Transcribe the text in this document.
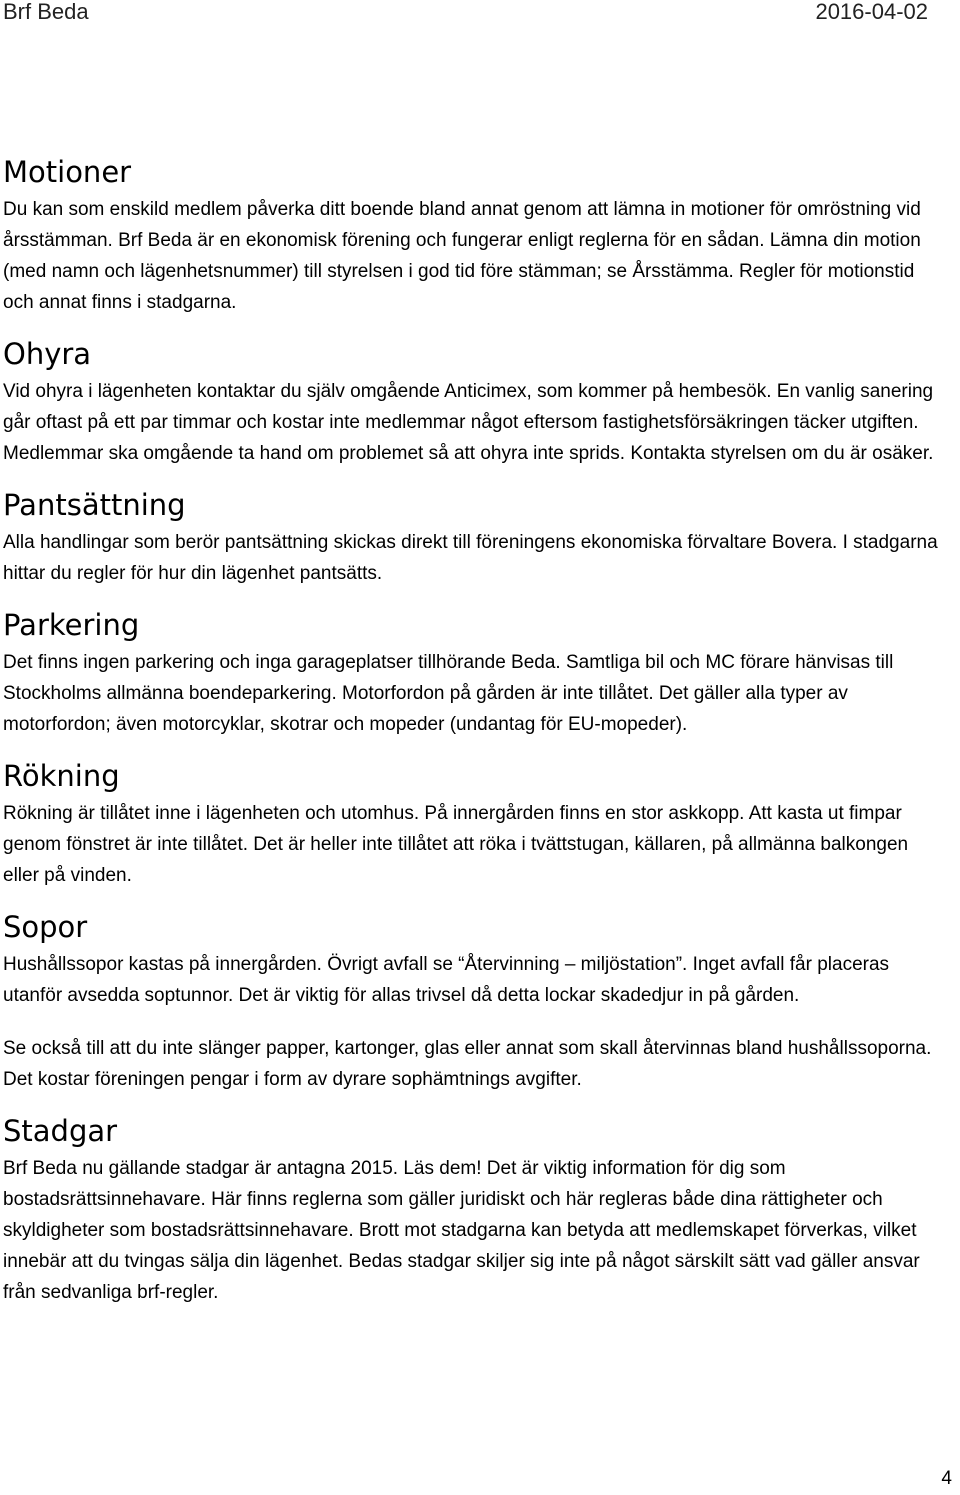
Brf Beda	2016-04-02
Motioner

Du kan som enskild medlem påverka ditt boende bland annat genom att lämna in motioner för omröstning vid årsstämman. Brf Beda är en ekonomisk förening och fungerar enligt reglerna för en sådan. Lämna din motion (med namn och lägenhetsnummer) till styrelsen i god tid före stämman; se Årsstämma. Regler för motionstid och annat finns i stadgarna.

Ohyra

Vid ohyra i lägenheten kontaktar du själv omgående Anticimex, som kommer på hembesök. En vanlig sanering går oftast på ett par timmar och kostar inte medlemmar något eftersom fastighetsförsäkringen täcker utgiften. Medlemmar ska omgående ta hand om problemet så att ohyra inte sprids. Kontakta styrelsen om du är osäker.

Pantsättning

Alla handlingar som berör pantsättning skickas direkt till föreningens ekonomiska förvaltare Bovera. I stadgarna hittar du regler för hur din lägenhet pantsätts.

Parkering

Det finns ingen parkering och inga garageplatser tillhörande Beda. Samtliga bil och MC förare hänvisas till Stockholms allmänna boendeparkering. Motorfordon på gården är inte tillåtet. Det gäller alla typer av motorfordon; även motorcyklar, skotrar och mopeder (undantag för EU-mopeder).

Rökning

Rökning är tillåtet inne i lägenheten och utomhus. På innergården finns en stor askkopp. Att kasta ut fimpar genom fönstret är inte tillåtet. Det är heller inte tillåtet att röka i tvättstugan, källaren, på allmänna balkongen eller på vinden.

Sopor

Hushållssopor kastas på innergården. Övrigt avfall se “Återvinning – miljöstation”. Inget avfall får placeras utanför avsedda soptunnor. Det är viktig för allas trivsel då detta lockar skadedjur in på gården.

Se också till att du inte slänger papper, kartonger, glas eller annat som skall återvinnas bland hushållssoporna. Det kostar föreningen pengar i form av dyrare sophämtnings avgifter.

Stadgar

Brf Beda nu gällande stadgar är antagna 2015. Läs dem! Det är viktig information för dig som bostadsrättsinnehavare. Här finns reglerna som gäller juridiskt och här regleras både dina rättigheter och skyldigheter som bostadsrättsinnehavare. Brott mot stadgarna kan betyda att medlemskapet förverkas, vilket innebär att du tvingas sälja din lägenhet. Bedas stadgar skiljer sig inte på något särskilt sätt vad gäller ansvar från sedvanliga brf-regler.

4
